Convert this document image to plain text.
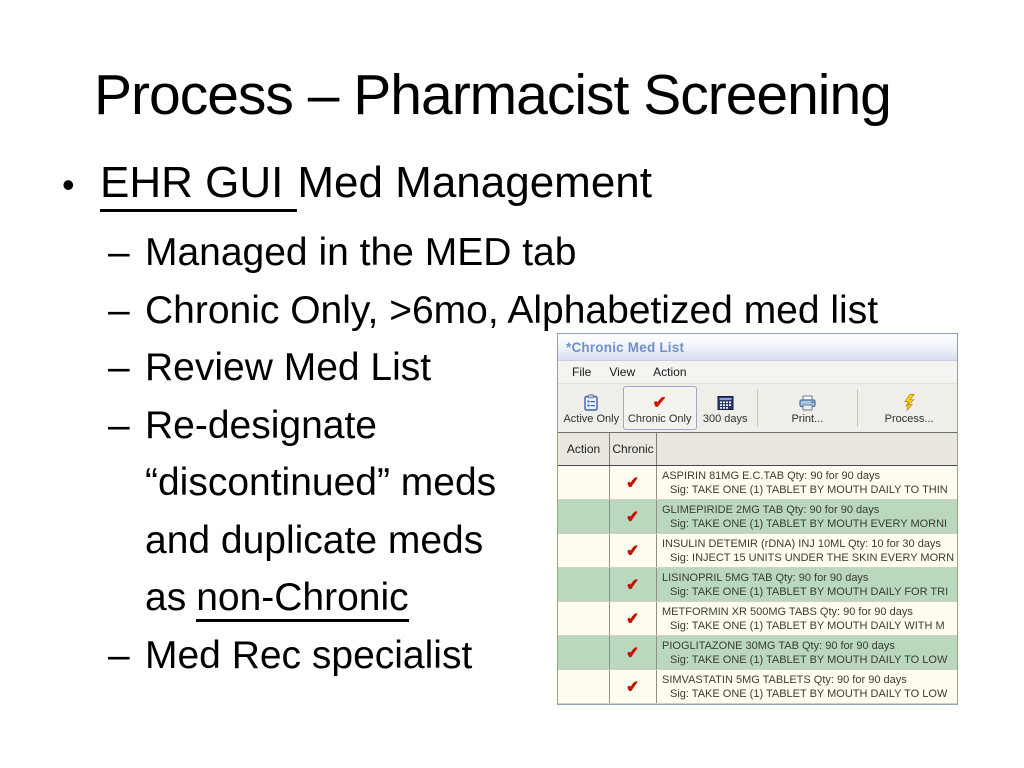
Process – Pharmacist Screening
• EHR GUI Med Management
– Managed in the MED tab
– Chronic Only, >6mo, Alphabetized med list
– Review Med List
– Re-designate
“discontinued” meds
and duplicate meds
as non-Chronic
– Med Rec specialist
*Chronic Med List
File	View	Action
Active Only
✔
Chronic Only 300 days	Print...	Process...
Action	Chronic
✔ ASPIRIN 81MG E.C.TAB Qty: 90 for 90 days
Sig: TAKE ONE (1) TABLET BY MOUTH DAILY TO THIN
✔ GLIMEPIRIDE 2MG TAB Qty: 90 for 90 days
Sig: TAKE ONE (1) TABLET BY MOUTH EVERY MORNI
✔ INSULIN DETEMIR (rDNA) INJ 10ML Qty: 10 for 30 days
Sig: INJECT 15 UNITS UNDER THE SKIN EVERY MORN
✔ LISINOPRIL 5MG TAB Qty: 90 for 90 days
Sig: TAKE ONE (1) TABLET BY MOUTH DAILY FOR TRI
✔ METFORMIN XR 500MG TABS Qty: 90 for 90 days
Sig: TAKE ONE (1) TABLET BY MOUTH DAILY WITH M
✔ PIOGLITAZONE 30MG TAB Qty: 90 for 90 days
Sig: TAKE ONE (1) TABLET BY MOUTH DAILY TO LOW
✔ SIMVASTATIN 5MG TABLETS Qty: 90 for 90 days
Sig: TAKE ONE (1) TABLET BY MOUTH DAILY TO LOW
